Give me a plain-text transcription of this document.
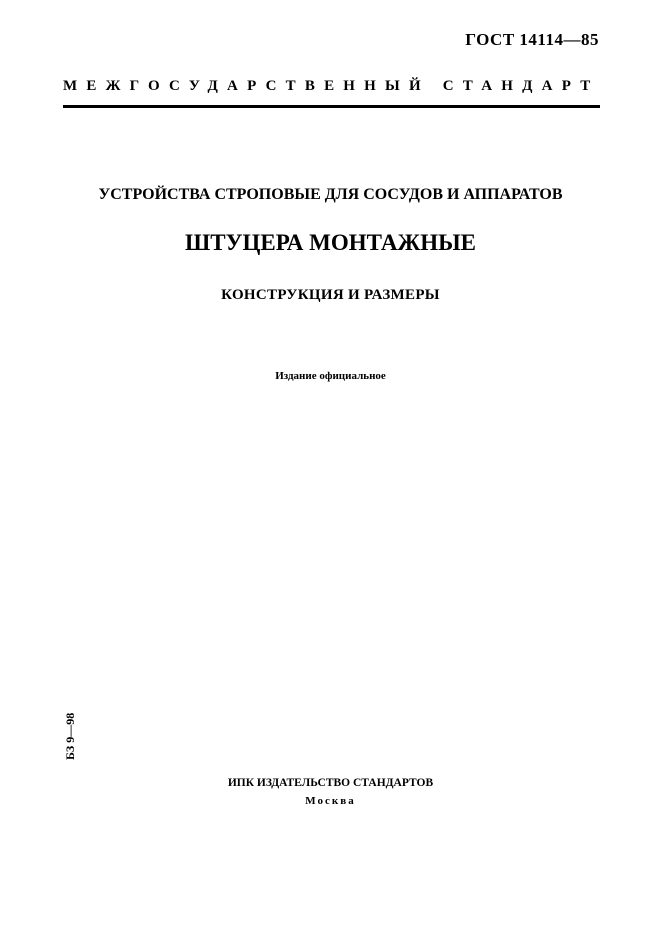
ГОСТ 14114—85
МЕЖГОСУДАРСТВЕННЫЙ СТАНДАРТ
УСТРОЙСТВА СТРОПОВЫЕ ДЛЯ СОСУДОВ И АППАРАТОВ
ШТУЦЕРА МОНТАЖНЫЕ
КОНСТРУКЦИЯ И РАЗМЕРЫ
Издание официальное
БЗ 9—98
ИПК ИЗДАТЕЛЬСТВО СТАНДАРТОВ
Москва
